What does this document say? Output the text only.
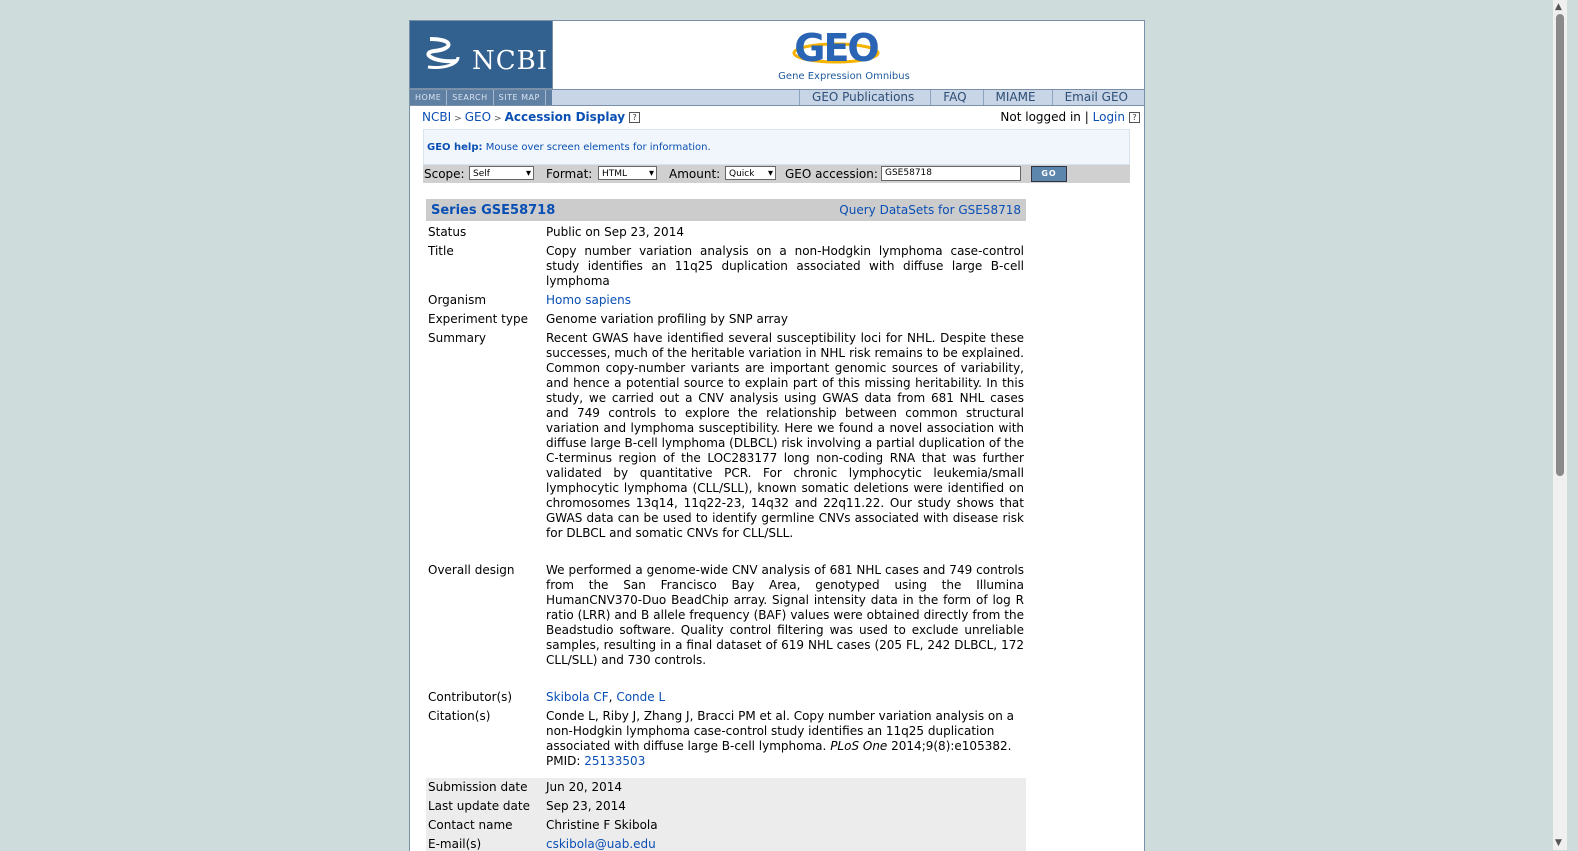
NCBI	GEO
Gene Expression Omnibus
HOME	SEARCH	SITE MAP	GEO Publications	FAQ	MIAME	Email GEO
NCBI > GEO > Accession Display ?	Not logged in | Login ?
GEO help: Mouse over screen elements for information.
Scope: Self ▾	Format:	HTML ▾	Amount: Quick ▾	GEO accession: GSE58718	GO
Series GSE58718	Query DataSets for GSE58718
Status	Public on Sep 23, 2014
Title	Copy number variation analysis on a non-Hodgkin lymphoma case-control study identifies an 11q25 duplication associated with diffuse large B-cell lymphoma
Organism	Homo sapiens
Experiment type	Genome variation profiling by SNP array
Summary	Recent GWAS have identified several susceptibility loci for NHL. Despite these successes, much of the heritable variation in NHL risk remains to be explained. Common copy-number variants are important genomic sources of variability, and hence a potential source to explain part of this missing heritability. In this study, we carried out a CNV analysis using GWAS data from 681 NHL cases and 749 controls to explore the relationship between common structural variation and lymphoma susceptibility. Here we found a novel association with diffuse large B-cell lymphoma (DLBCL) risk involving a partial duplication of the C-terminus region of the LOC283177 long non-coding RNA that was further validated by quantitative PCR. For chronic lymphocytic leukemia/small lymphocytic lymphoma (CLL/SLL), known somatic deletions were identified on chromosomes 13q14, 11q22-23, 14q32 and 22q11.22. Our study shows that GWAS data can be used to identify germline CNVs associated with disease risk for DLBCL and somatic CNVs for CLL/SLL.
Overall design	We performed a genome-wide CNV analysis of 681 NHL cases and 749 controls from the San Francisco Bay Area, genotyped using the Illumina HumanCNV370-Duo BeadChip array. Signal intensity data in the form of log R ratio (LRR) and B allele frequency (BAF) values were obtained directly from the Beadstudio software. Quality control filtering was used to exclude unreliable samples, resulting in a final dataset of 619 NHL cases (205 FL, 242 DLBCL, 172 CLL/SLL) and 730 controls.
Contributor(s)	Skibola CF, Conde L
Citation(s)	Conde L, Riby J, Zhang J, Bracci PM et al. Copy number variation analysis on a non-Hodgkin lymphoma case-control study identifies an 11q25 duplication associated with diffuse large B-cell lymphoma. PLoS One 2014;9(8):e105382.
PMID: 25133503
Submission date	Jun 20, 2014
Last update date	Sep 23, 2014
Contact name	Christine F Skibola
E-mail(s)	cskibola@uab.edu
▲
▼
